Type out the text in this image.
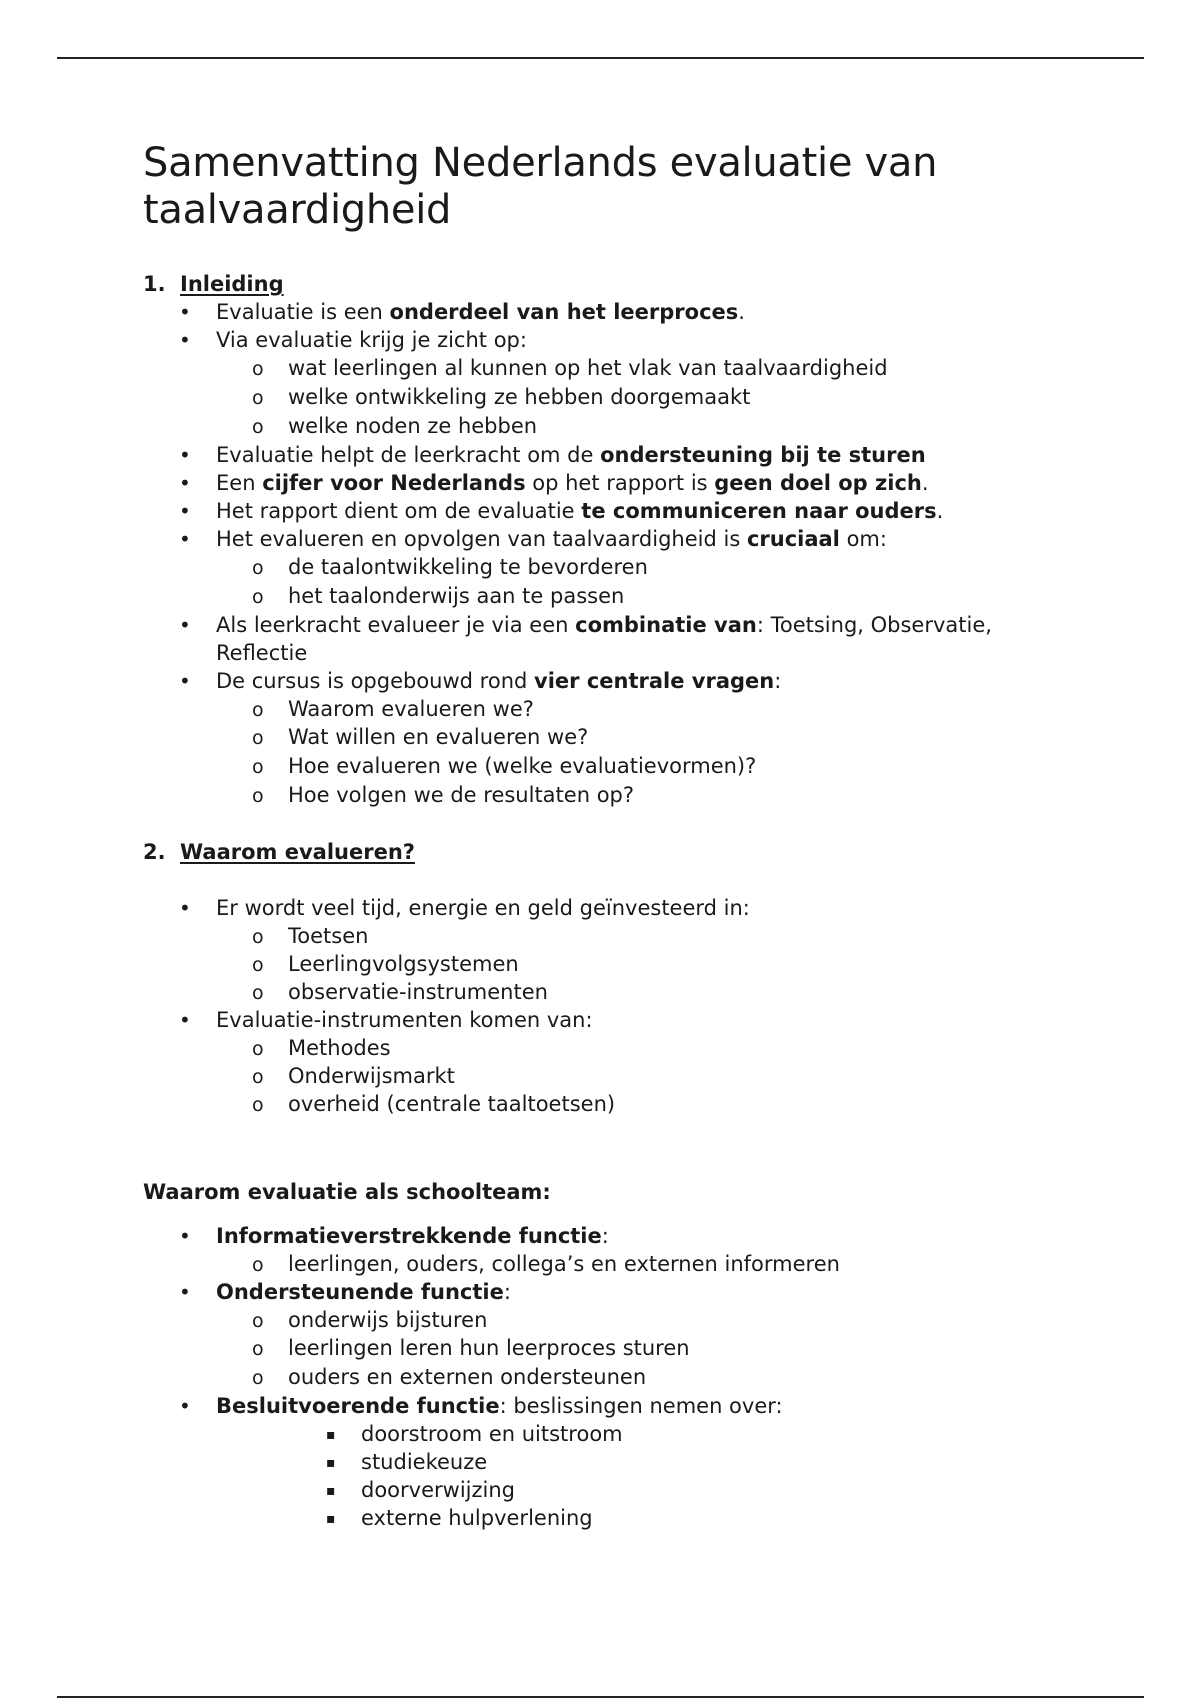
Samenvatting Nederlands evaluatie van
taalvaardigheid
1. Inleiding
• Evaluatie is een onderdeel van het leerproces.
• Via evaluatie krijg je zicht op:
o wat leerlingen al kunnen op het vlak van taalvaardigheid
o welke ontwikkeling ze hebben doorgemaakt
o welke noden ze hebben
• Evaluatie helpt de leerkracht om de ondersteuning bij te sturen
• Een cijfer voor Nederlands op het rapport is geen doel op zich.
• Het rapport dient om de evaluatie te communiceren naar ouders.
• Het evalueren en opvolgen van taalvaardigheid is cruciaal om:
o de taalontwikkeling te bevorderen
o het taalonderwijs aan te passen
• Als leerkracht evalueer je via een combinatie van: Toetsing, Observatie,
Reflectie
• De cursus is opgebouwd rond vier centrale vragen:
o Waarom evalueren we?
o Wat willen en evalueren we?
o Hoe evalueren we (welke evaluatievormen)?
o Hoe volgen we de resultaten op?
2. Waarom evalueren?
• Er wordt veel tijd, energie en geld geïnvesteerd in:
o Toetsen
o Leerlingvolgsystemen
o observatie-instrumenten
• Evaluatie-instrumenten komen van:
o Methodes
o Onderwijsmarkt
o overheid (centrale taaltoetsen)
Waarom evaluatie als schoolteam:
• Informatieverstrekkende functie:
o leerlingen, ouders, collega’s en externen informeren
• Ondersteunende functie:
o onderwijs bijsturen
o leerlingen leren hun leerproces sturen
o ouders en externen ondersteunen
• Besluitvoerende functie: beslissingen nemen over:
▪ doorstroom en uitstroom
▪ studiekeuze
▪ doorverwijzing
▪ externe hulpverlening
